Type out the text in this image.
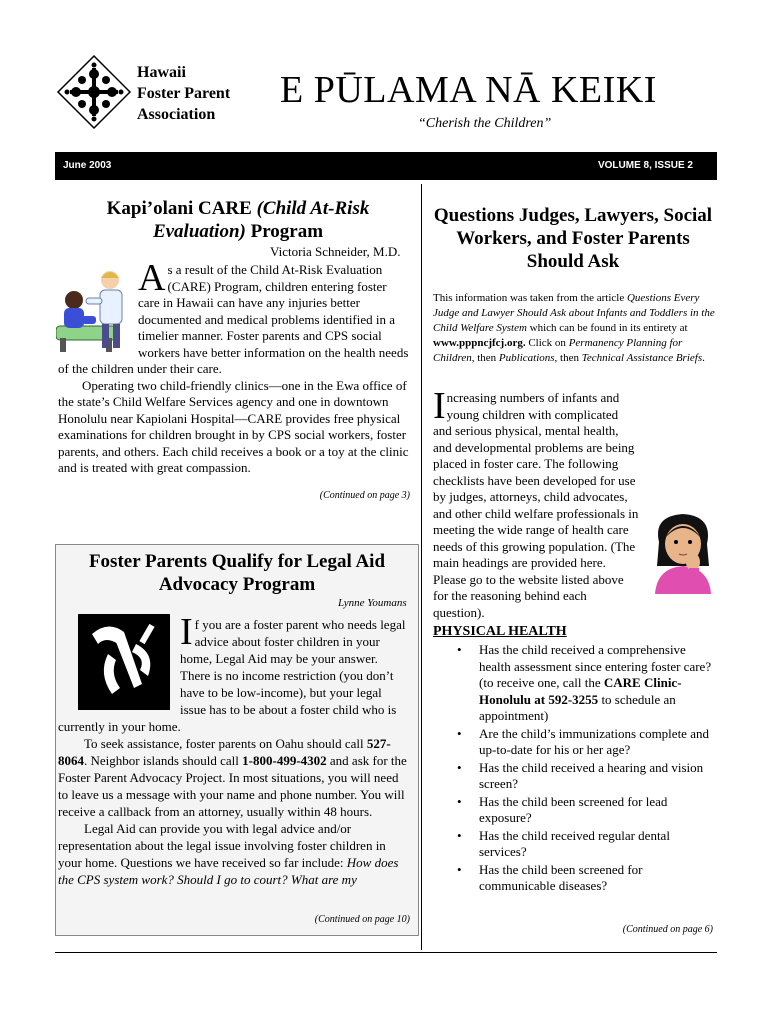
Hawaii
Foster Parent
Association
E PŪLAMA NĀ KEIKI
“Cherish the Children”
June 2003	VOLUME 8, ISSUE 2
Kapi’olani CARE (Child At-Risk Evaluation) Program
Victoria Schneider, M.D.

As a result of the Child At-Risk Evaluation (CARE) Program, children entering foster care in Hawaii can have any injuries better documented and medical problems identified in a timelier manner. Foster parents and CPS social workers have better information on the health needs of the children under their care.

Operating two child-friendly clinics—one in the Ewa office of the state’s Child Welfare Services agency and one in downtown Honolulu near Kapiolani Hospital—CARE provides free physical examinations for children brought in by CPS social workers, foster parents, and others. Each child receives a book or a toy at the clinic and is treated with great compassion.

(Continued on page 3)
Foster Parents Qualify for Legal Aid Advocacy Program
Lynne Youmans

If you are a foster parent who needs legal advice about foster children in your home, Legal Aid may be your answer. There is no income restriction (you don’t have to be low-income), but your legal issue has to be about a foster child who is currently in your home.

To seek assistance, foster parents on Oahu should call 527-8064. Neighbor islands should call 1-800-499-4302 and ask for the Foster Parent Advocacy Project. In most situations, you will need to leave us a message with your name and phone number. You will receive a callback from an attorney, usually within 48 hours.

Legal Aid can provide you with legal advice and/or representation about the legal issue involving foster children in your home. Questions we have received so far include: How does the CPS system work? Should I go to court? What are my

(Continued on page 10)
Questions Judges, Lawyers, Social Workers, and Foster Parents Should Ask
This information was taken from the article Questions Every Judge and Lawyer Should Ask about Infants and Toddlers in the Child Welfare System which can be found in its entirety at www.pppncjfcj.org. Click on Permanency Planning for Children, then Publications, then Technical Assistance Briefs.

Increasing numbers of infants and young children with complicated and serious physical, mental health, and developmental problems are being placed in foster care. The following checklists have been developed for use by judges, attorneys, child advocates, and other child welfare professionals in meeting the wide range of health care needs of this growing population. (The main headings are provided here. Please go to the website listed above for the reasoning behind each question).

PHYSICAL HEALTH
• Has the child received a comprehensive health assessment since entering foster care? (to receive one, call the CARE Clinic-Honolulu at 592-3255 to schedule an appointment)
• Are the child’s immunizations complete and up-to-date for his or her age?
• Has the child received a hearing and vision screen?
• Has the child been screened for lead exposure?
• Has the child received regular dental services?
• Has the child been screened for communicable diseases?
(Continued on page 6)
